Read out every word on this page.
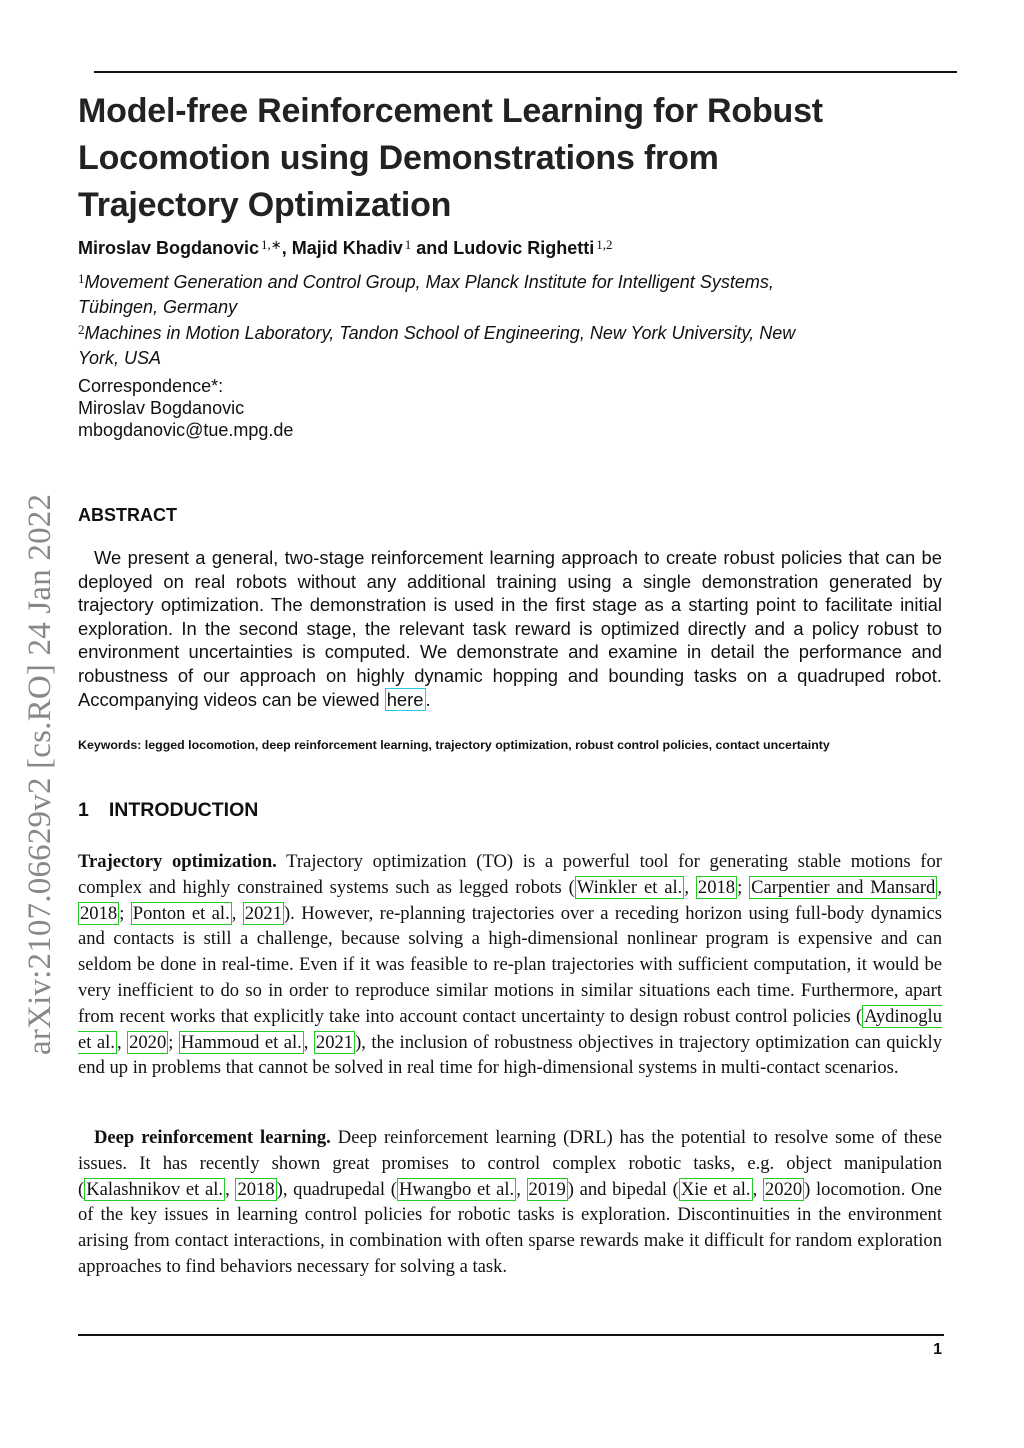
arXiv:2107.06629v2 [cs.RO] 24 Jan 2022
Model-free Reinforcement Learning for Robust Locomotion using Demonstrations from Trajectory Optimization
Miroslav Bogdanovic $^{1,∗}$, Majid Khadiv $^1$ and Ludovic Righetti $^{1,2}$
$^1$Movement Generation and Control Group, Max Planck Institute for Intelligent Systems, Tübingen, Germany
$^2$Machines in Motion Laboratory, Tandon School of Engineering, New York University, New York, USA
Correspondence*:
Miroslav Bogdanovic
mbogdanovic@tue.mpg.de
ABSTRACT
We present a general, two-stage reinforcement learning approach to create robust policies that can be deployed on real robots without any additional training using a single demonstration generated by trajectory optimization. The demonstration is used in the first stage as a starting point to facilitate initial exploration. In the second stage, the relevant task reward is optimized directly and a policy robust to environment uncertainties is computed. We demonstrate and examine in detail the performance and robustness of our approach on highly dynamic hopping and bounding tasks on a quadruped robot. Accompanying videos can be viewed here .
Keywords: legged locomotion, deep reinforcement learning, trajectory optimization, robust control policies, contact uncertainty
1 INTRODUCTION
Trajectory optimization. Trajectory optimization (TO) is a powerful tool for generating stable motions for complex and highly constrained systems such as legged robots ( Winkler et al. , 2018 ; Carpentier and Mansard , 2018 ; Ponton et al. , 2021 ). However, re-planning trajectories over a receding horizon using full-body dynamics and contacts is still a challenge, because solving a high-dimensional nonlinear program is expensive and can seldom be done in real-time. Even if it was feasible to re-plan trajectories with sufficient computation, it would be very inefficient to do so in order to reproduce similar motions in similar situations each time. Furthermore, apart from recent works that explicitly take into account contact uncertainty to design robust control policies ( Aydinoglu et al. , 2020 ; Hammoud et al. , 2021 ), the inclusion of robustness objectives in trajectory optimization can quickly end up in problems that cannot be solved in real time for high-dimensional systems in multi-contact scenarios.
Deep reinforcement learning. Deep reinforcement learning (DRL) has the potential to resolve some of these issues. It has recently shown great promises to control complex robotic tasks, e.g. object manipulation ( Kalashnikov et al. , 2018 ), quadrupedal ( Hwangbo et al. , 2019 ) and bipedal ( Xie et al. , 2020 ) locomotion. One of the key issues in learning control policies for robotic tasks is exploration. Discontinuities in the environment arising from contact interactions, in combination with often sparse rewards make it difficult for random exploration approaches to find behaviors necessary for solving a task.
1
